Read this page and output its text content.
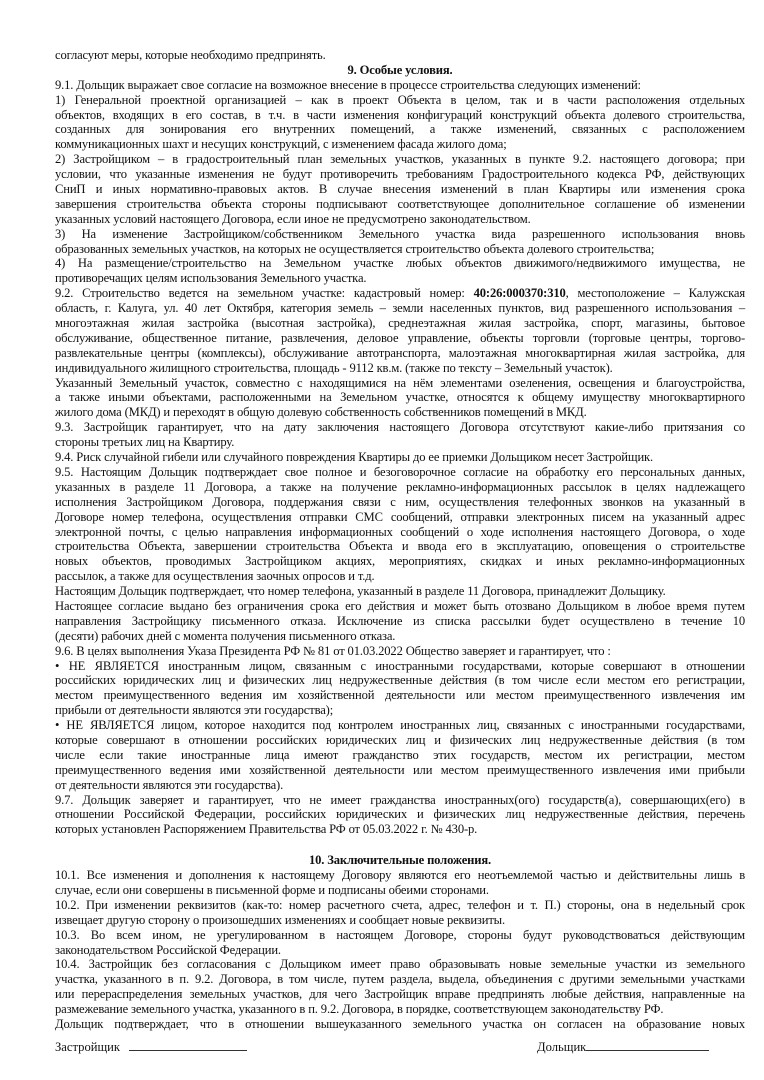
согласуют меры, которые необходимо предпринять.
9. Особые условия.
9.1. Дольщик выражает свое согласие на возможное внесение в процессе строительства следующих изменений:
1) Генеральной проектной организацией – как в проект Объекта в целом, так и в части расположения отдельных
объектов, входящих в его состав, в т.ч. в части изменения конфигураций конструкций объекта долевого строительства,
созданных для зонирования его внутренних помещений, а также изменений, связанных с расположением
коммуникационных шахт и несущих конструкций, с изменением фасада жилого дома;
2) Застройщиком – в градостроительный план земельных участков, указанных в пункте 9.2. настоящего договора; при
условии, что указанные изменения не будут противоречить требованиям Градостроительного кодекса РФ, действующих
СниП и иных нормативно-правовых актов. В случае внесения изменений в план Квартиры или изменения срока
завершения строительства объекта стороны подписывают соответствующее дополнительное соглашение об изменении
указанных условий настоящего Договора, если иное не предусмотрено законодательством.
3) На изменение Застройщиком/собственником Земельного участка вида разрешенного использования вновь
образованных земельных участков, на которых не осуществляется строительство объекта долевого строительства;
4) На размещение/строительство на Земельном участке любых объектов движимого/недвижимого имущества, не
противоречащих целям использования Земельного участка.
9.2. Строительство ведется на земельном участке: кадастровый номер: 40:26:000370:310, местоположение – Калужская
область, г. Калуга, ул. 40 лет Октября, категория земель – земли населенных пунктов, вид разрешенного использования –
многоэтажная жилая застройка (высотная застройка), среднеэтажная жилая застройка, спорт, магазины, бытовое
обслуживание, общественное питание, развлечения, деловое управление, объекты торговли (торговые центры, торгово-
развлекательные центры (комплексы), обслуживание автотранспорта, малоэтажная многоквартирная жилая застройка, для
индивидуального жилищного строительства, площадь - 9112 кв.м. (также по тексту – Земельный участок).
Указанный Земельный участок, совместно с находящимися на нём элементами озеленения, освещения и благоустройства,
а также иными объектами, расположенными на Земельном участке, относятся к общему имуществу многоквартирного
жилого дома (МКД) и переходят в общую долевую собственность собственников помещений в МКД.
9.3. Застройщик гарантирует, что на дату заключения настоящего Договора отсутствуют какие-либо притязания со
стороны третьих лиц на Квартиру.
9.4. Риск случайной гибели или случайного повреждения Квартиры до ее приемки Дольщиком несет Застройщик.
9.5. Настоящим Дольщик подтверждает свое полное и безоговорочное согласие на обработку его персональных данных,
указанных в разделе 11 Договора, а также на получение рекламно-информационных рассылок в целях надлежащего
исполнения Застройщиком Договора, поддержания связи с ним, осуществления телефонных звонков на указанный в
Договоре номер телефона, осуществления отправки СМС сообщений, отправки электронных писем на указанный адрес
электронной почты, с целью направления информационных сообщений о ходе исполнения настоящего Договора, о ходе
строительства Объекта, завершении строительства Объекта и ввода его в эксплуатацию, оповещения о строительстве
новых объектов, проводимых Застройщиком акциях, мероприятиях, скидках и иных рекламно-информационных
рассылок, а также для осуществления заочных опросов и т.д.
Настоящим Дольщик подтверждает, что номер телефона, указанный в разделе 11 Договора, принадлежит Дольщику.
Настоящее согласие выдано без ограничения срока его действия и может быть отозвано Дольщиком в любое время путем
направления Застройщику письменного отказа. Исключение из списка рассылки будет осуществлено в течение 10
(десяти) рабочих дней с момента получения письменного отказа.
9.6. В целях выполнения Указа Президента РФ № 81 от 01.03.2022 Общество заверяет и гарантирует, что :
• НЕ ЯВЛЯЕТСЯ иностранным лицом, связанным с иностранными государствами, которые совершают в отношении
российских юридических лиц и физических лиц недружественные действия (в том числе если местом его регистрации,
местом преимущественного ведения им хозяйственной деятельности или местом преимущественного извлечения им
прибыли от деятельности являются эти государства);
• НЕ ЯВЛЯЕТСЯ лицом, которое находится под контролем иностранных лиц, связанных с иностранными государствами,
которые совершают в отношении российских юридических лиц и физических лиц недружественные действия (в том
числе если такие иностранные лица имеют гражданство этих государств, местом их регистрации, местом
преимущественного ведения ими хозяйственной деятельности или местом преимущественного извлечения ими прибыли
от деятельности являются эти государства).
9.7. Дольщик заверяет и гарантирует, что не имеет гражданства иностранных(ого) государств(а), совершающих(его) в
отношении Российской Федерации, российских юридических и физических лиц недружественные действия, перечень
которых установлен Распоряжением Правительства РФ от 05.03.2022 г. № 430-р.
10. Заключительные положения.
10.1. Все изменения и дополнения к настоящему Договору являются его неотъемлемой частью и действительны лишь в
случае, если они совершены в письменной форме и подписаны обеими сторонами.
10.2. При изменении реквизитов (как-то: номер расчетного счета, адрес, телефон и т. П.) стороны, она в недельный срок
извещает другую сторону о произошедших изменениях и сообщает новые реквизиты.
10.3. Во всем ином, не урегулированном в настоящем Договоре, стороны будут руководствоваться действующим
законодательством Российской Федерации.
10.4. Застройщик без согласования с Дольщиком имеет право образовывать новые земельные участки из земельного
участка, указанного в п. 9.2. Договора, в том числе, путем раздела, выдела, объединения с другими земельными участками
или перераспределения земельных участков, для чего Застройщик вправе предпринять любые действия, направленные на
размежевание земельного участка, указанного в п. 9.2. Договора, в порядке, соответствующем законодательству РФ.
Дольщик подтверждает, что в отношении вышеуказанного земельного участка он согласен на образование новых
Застройщик	Дольщик
